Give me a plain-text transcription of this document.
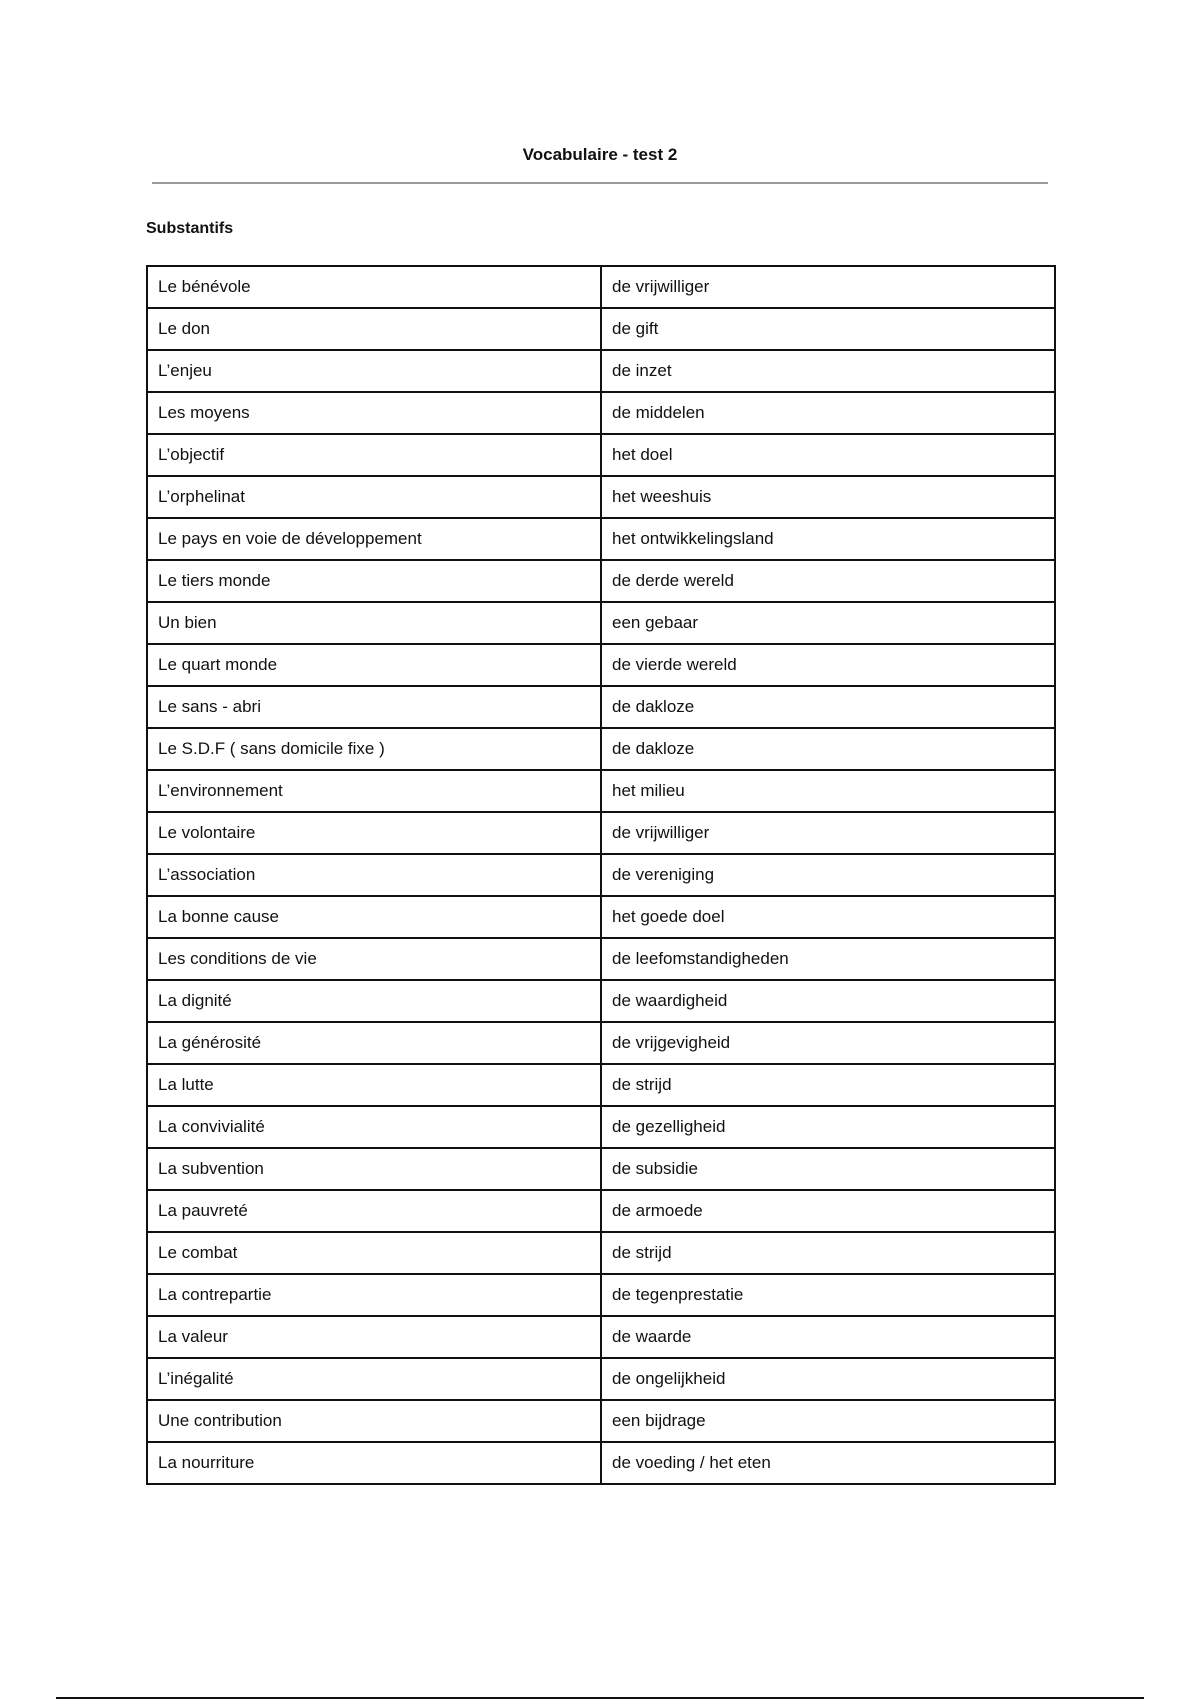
Vocabulaire - test 2
Substantifs
Le bénévole	de vrijwilliger
Le don	de gift
L’enjeu	de inzet
Les moyens	de middelen
L’objectif	het doel
L’orphelinat	het weeshuis
Le pays en voie de développement	het ontwikkelingsland
Le tiers monde	de derde wereld
Un bien	een gebaar
Le quart monde	de vierde wereld
Le sans - abri	de dakloze
Le S.D.F ( sans domicile fixe )	de dakloze
L’environnement	het milieu
Le volontaire	de vrijwilliger
L’association	de vereniging
La bonne cause	het goede doel
Les conditions de vie	de leefomstandigheden
La dignité	de waardigheid
La générosité	de vrijgevigheid
La lutte	de strijd
La convivialité	de gezelligheid
La subvention	de subsidie
La pauvreté	de armoede
Le combat	de strijd
La contrepartie	de tegenprestatie
La valeur	de waarde
L’inégalité	de ongelijkheid
Une contribution	een bijdrage
La nourriture	de voeding / het eten
